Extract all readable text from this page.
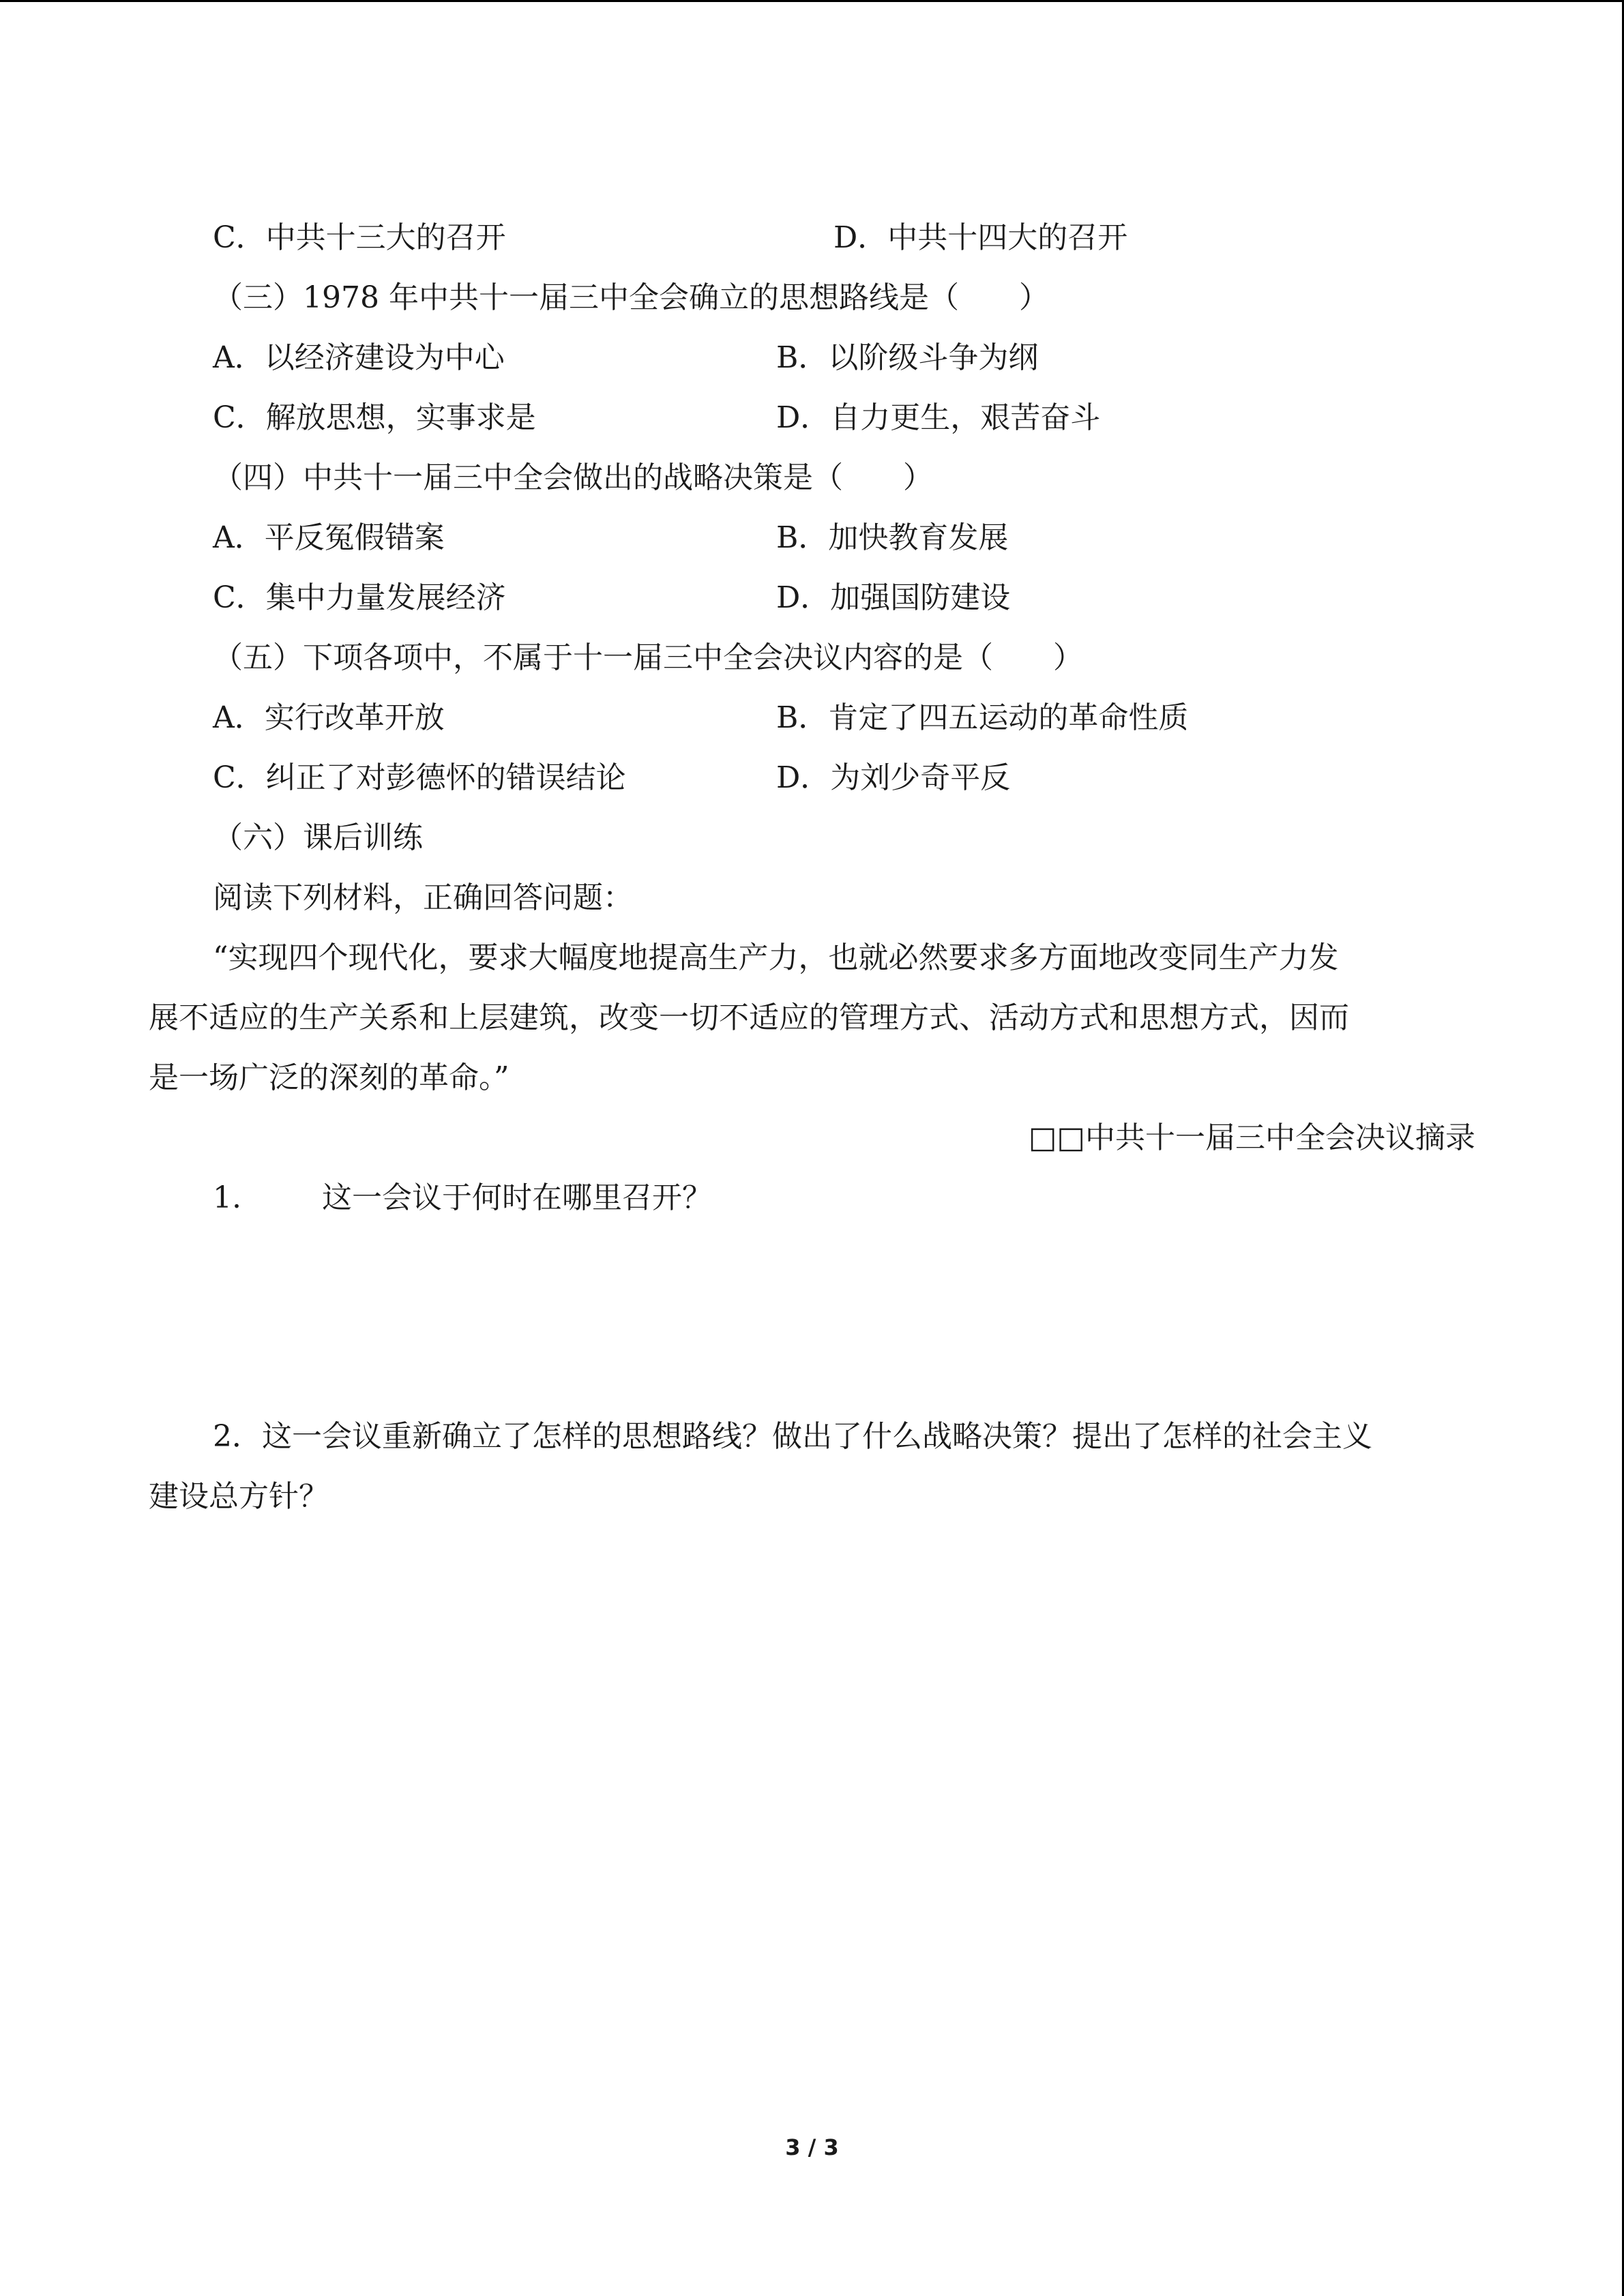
C．中共十三大的召开	D．中共十四大的召开
（三）1978 年中共十一届三中全会确立的思想路线是（　　）
A．以经济建设为中心	B．以阶级斗争为纲
C．解放思想，实事求是	D．自力更生，艰苦奋斗
（四）中共十一届三中全会做出的战略决策是（　　）
A．平反冤假错案	B．加快教育发展
C．集中力量发展经济	D．加强国防建设
（五）下项各项中，不属于十一届三中全会决议内容的是（　　）
A．实行改革开放	B．肯定了四五运动的革命性质
C．纠正了对彭德怀的错误结论	D．为刘少奇平反
（六）课后训练
阅读下列材料，正确回答问题：
“实现四个现代化，要求大幅度地提高生产力，也就必然要求多方面地改变同生产力发
展不适应的生产关系和上层建筑，改变一切不适应的管理方式、活动方式和思想方式，因而
是一场广泛的深刻的革命。”
□□中共十一届三中全会决议摘录
1.	这一会议于何时在哪里召开？
2．这一会议重新确立了怎样的思想路线？做出了什么战略决策？提出了怎样的社会主义
建设总方针？
3 / 3
